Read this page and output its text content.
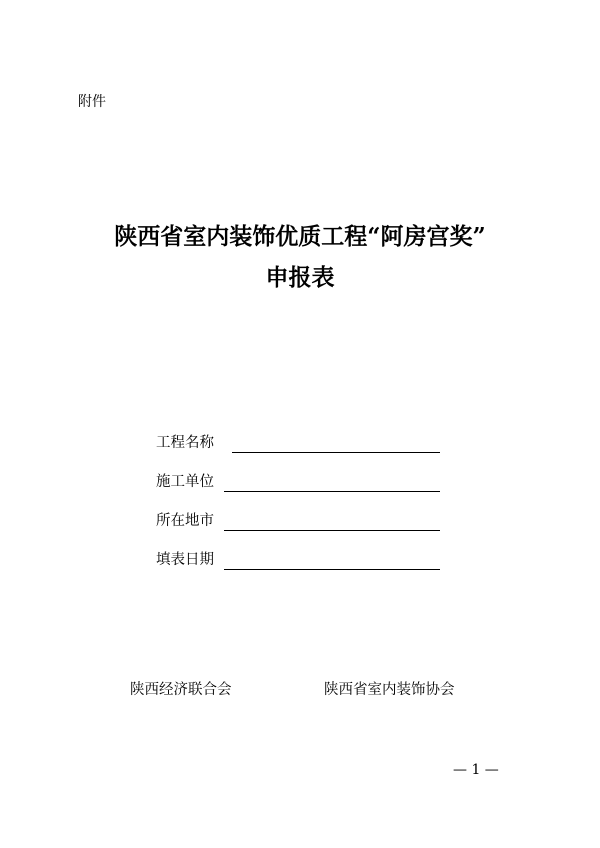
附件
陕西省室内装饰优质工程“阿房宫奖”
申报表
工程名称
施工单位
所在地市
填表日期
陕西经济联合会	陕西省室内装饰协会
— 1 —
